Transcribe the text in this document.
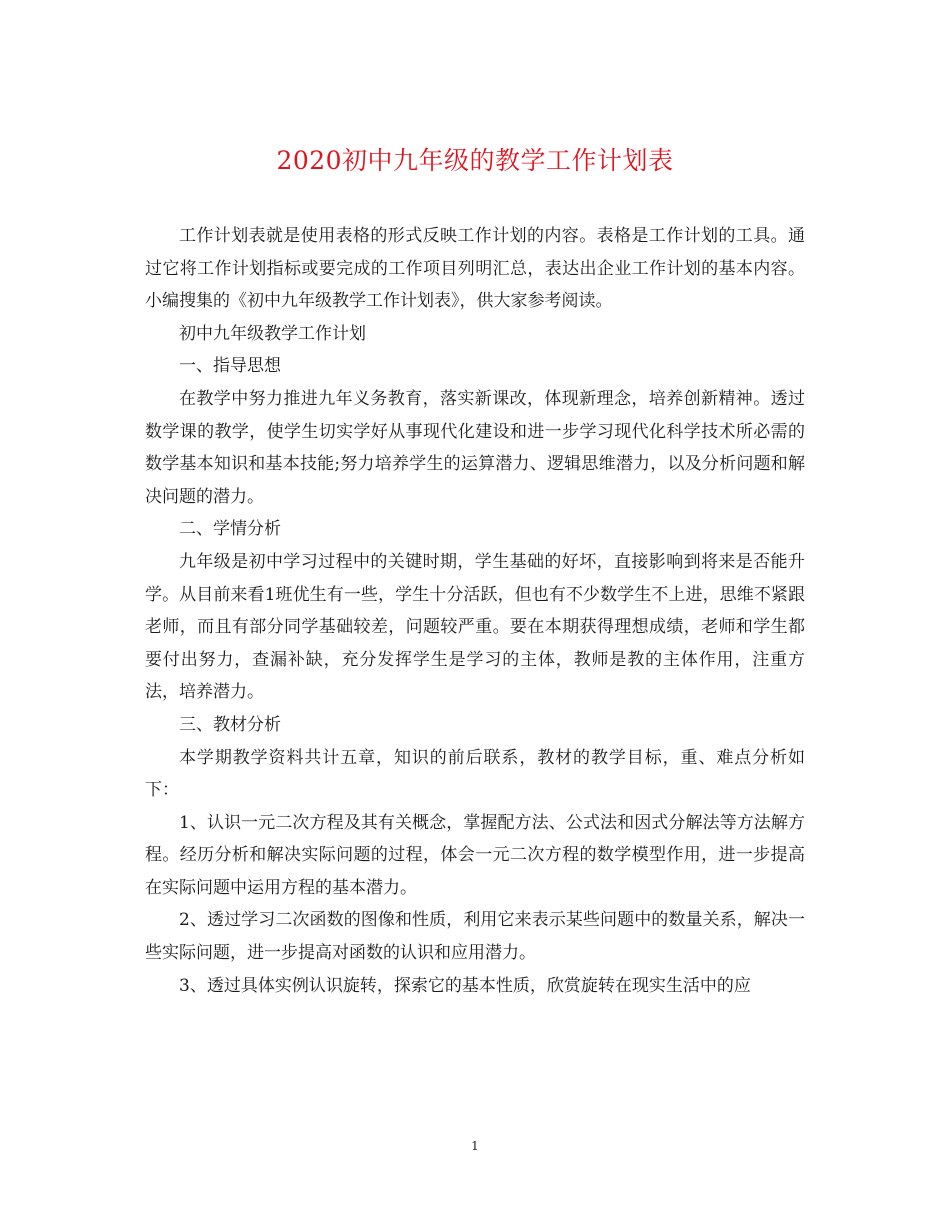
2020初中九年级的教学工作计划表

工作计划表就是使用表格的形式反映工作计划的内容。表格是工作计划的工具。通过它将工作计划指标或要完成的工作项目列明汇总，表达出企业工作计划的基本内容。小编搜集的《初中九年级教学工作计划表》，供大家参考阅读。

初中九年级教学工作计划

一、指导思想

在教学中努力推进九年义务教育，落实新课改，体现新理念，培养创新精神。透过数学课的教学，使学生切实学好从事现代化建设和进一步学习现代化科学技术所必需的数学基本知识和基本技能;努力培养学生的运算潜力、逻辑思维潜力，以及分析问题和解决问题的潜力。

二、学情分析

九年级是初中学习过程中的关键时期，学生基础的好坏，直接影响到将来是否能升学。从目前来看1班优生有一些，学生十分活跃，但也有不少数学生不上进，思维不紧跟老师，而且有部分同学基础较差，问题较严重。要在本期获得理想成绩，老师和学生都要付出努力，查漏补缺，充分发挥学生是学习的主体，教师是教的主体作用，注重方法，培养潜力。

三、教材分析

本学期教学资料共计五章，知识的前后联系，教材的教学目标，重、难点分析如下：

1、认识一元二次方程及其有关概念，掌握配方法、公式法和因式分解法等方法解方程。经历分析和解决实际问题的过程，体会一元二次方程的数学模型作用，进一步提高在实际问题中运用方程的基本潜力。

2、透过学习二次函数的图像和性质，利用它来表示某些问题中的数量关系，解决一些实际问题，进一步提高对函数的认识和应用潜力。

3、透过具体实例认识旋转，探索它的基本性质，欣赏旋转在现实生活中的应

1
